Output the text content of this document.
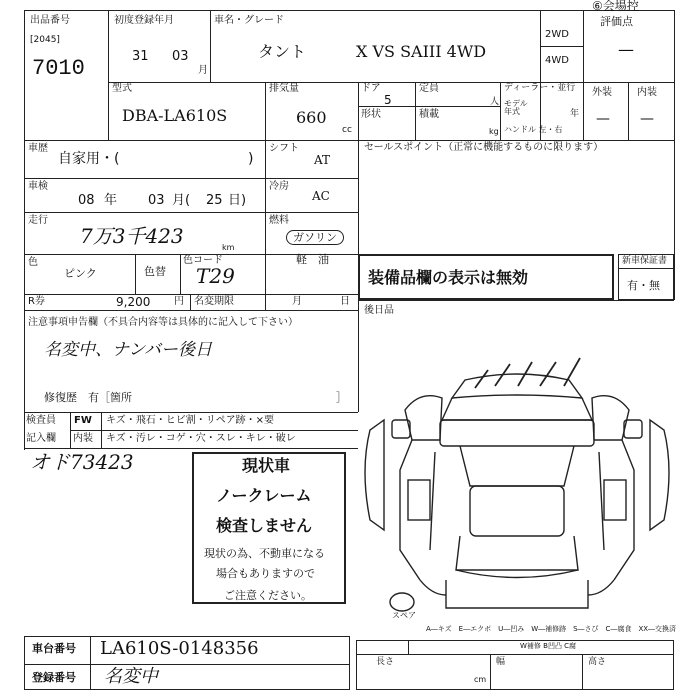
出品番号
[2045]
7010
初度登録年月
31 03
月
車名・グレード
タント	X VS SAIII 4WD
2WD
4WD
⑥会場控
評価点
—
型式
DBA-LA610S
排気量
660
cc
ドア
5
形状
定員
人
積載
kg
ディーラー・並行
モデル年式	年
ハンドル 左・右
外装	内装
— —
車歴
自家用・(	)
車検
08 年 03 月( 25 日)
走行
7万3千423	km
色
ピンク	色替
色コード
T29
R券	9,200 円 名変期限	月	日
シフト
AT
冷房
AC
燃料
ガソリン
軽　油
セールスポイント（正常に機能するものに限ります）
装備品欄の表示は無効
新車保証書
有・無
後日品
注意事項申告欄（不具合内容等は具体的に記入して下さい）
名変中、ナンバー後日
修復歴　有［箇所	］
検査員
記入欄
FW
内装
キズ・飛石・ヒビ割・リペア跡・×要
キズ・汚レ・コゲ・穴・スレ・キレ・破レ
オド73423	現状車
ノークレーム
検査しません
現状の為、不動車になる
場合もありますので
ご注意ください。
スペア
A―キズ　E―エクボ　U―凹み　W―補修跡　S―さび　C―腐食　XX―交換済
W補修 B凹凸 C腐
長さ	幅	高さ
cm
車台番号 LA610S-0148356
登録番号 名変中
